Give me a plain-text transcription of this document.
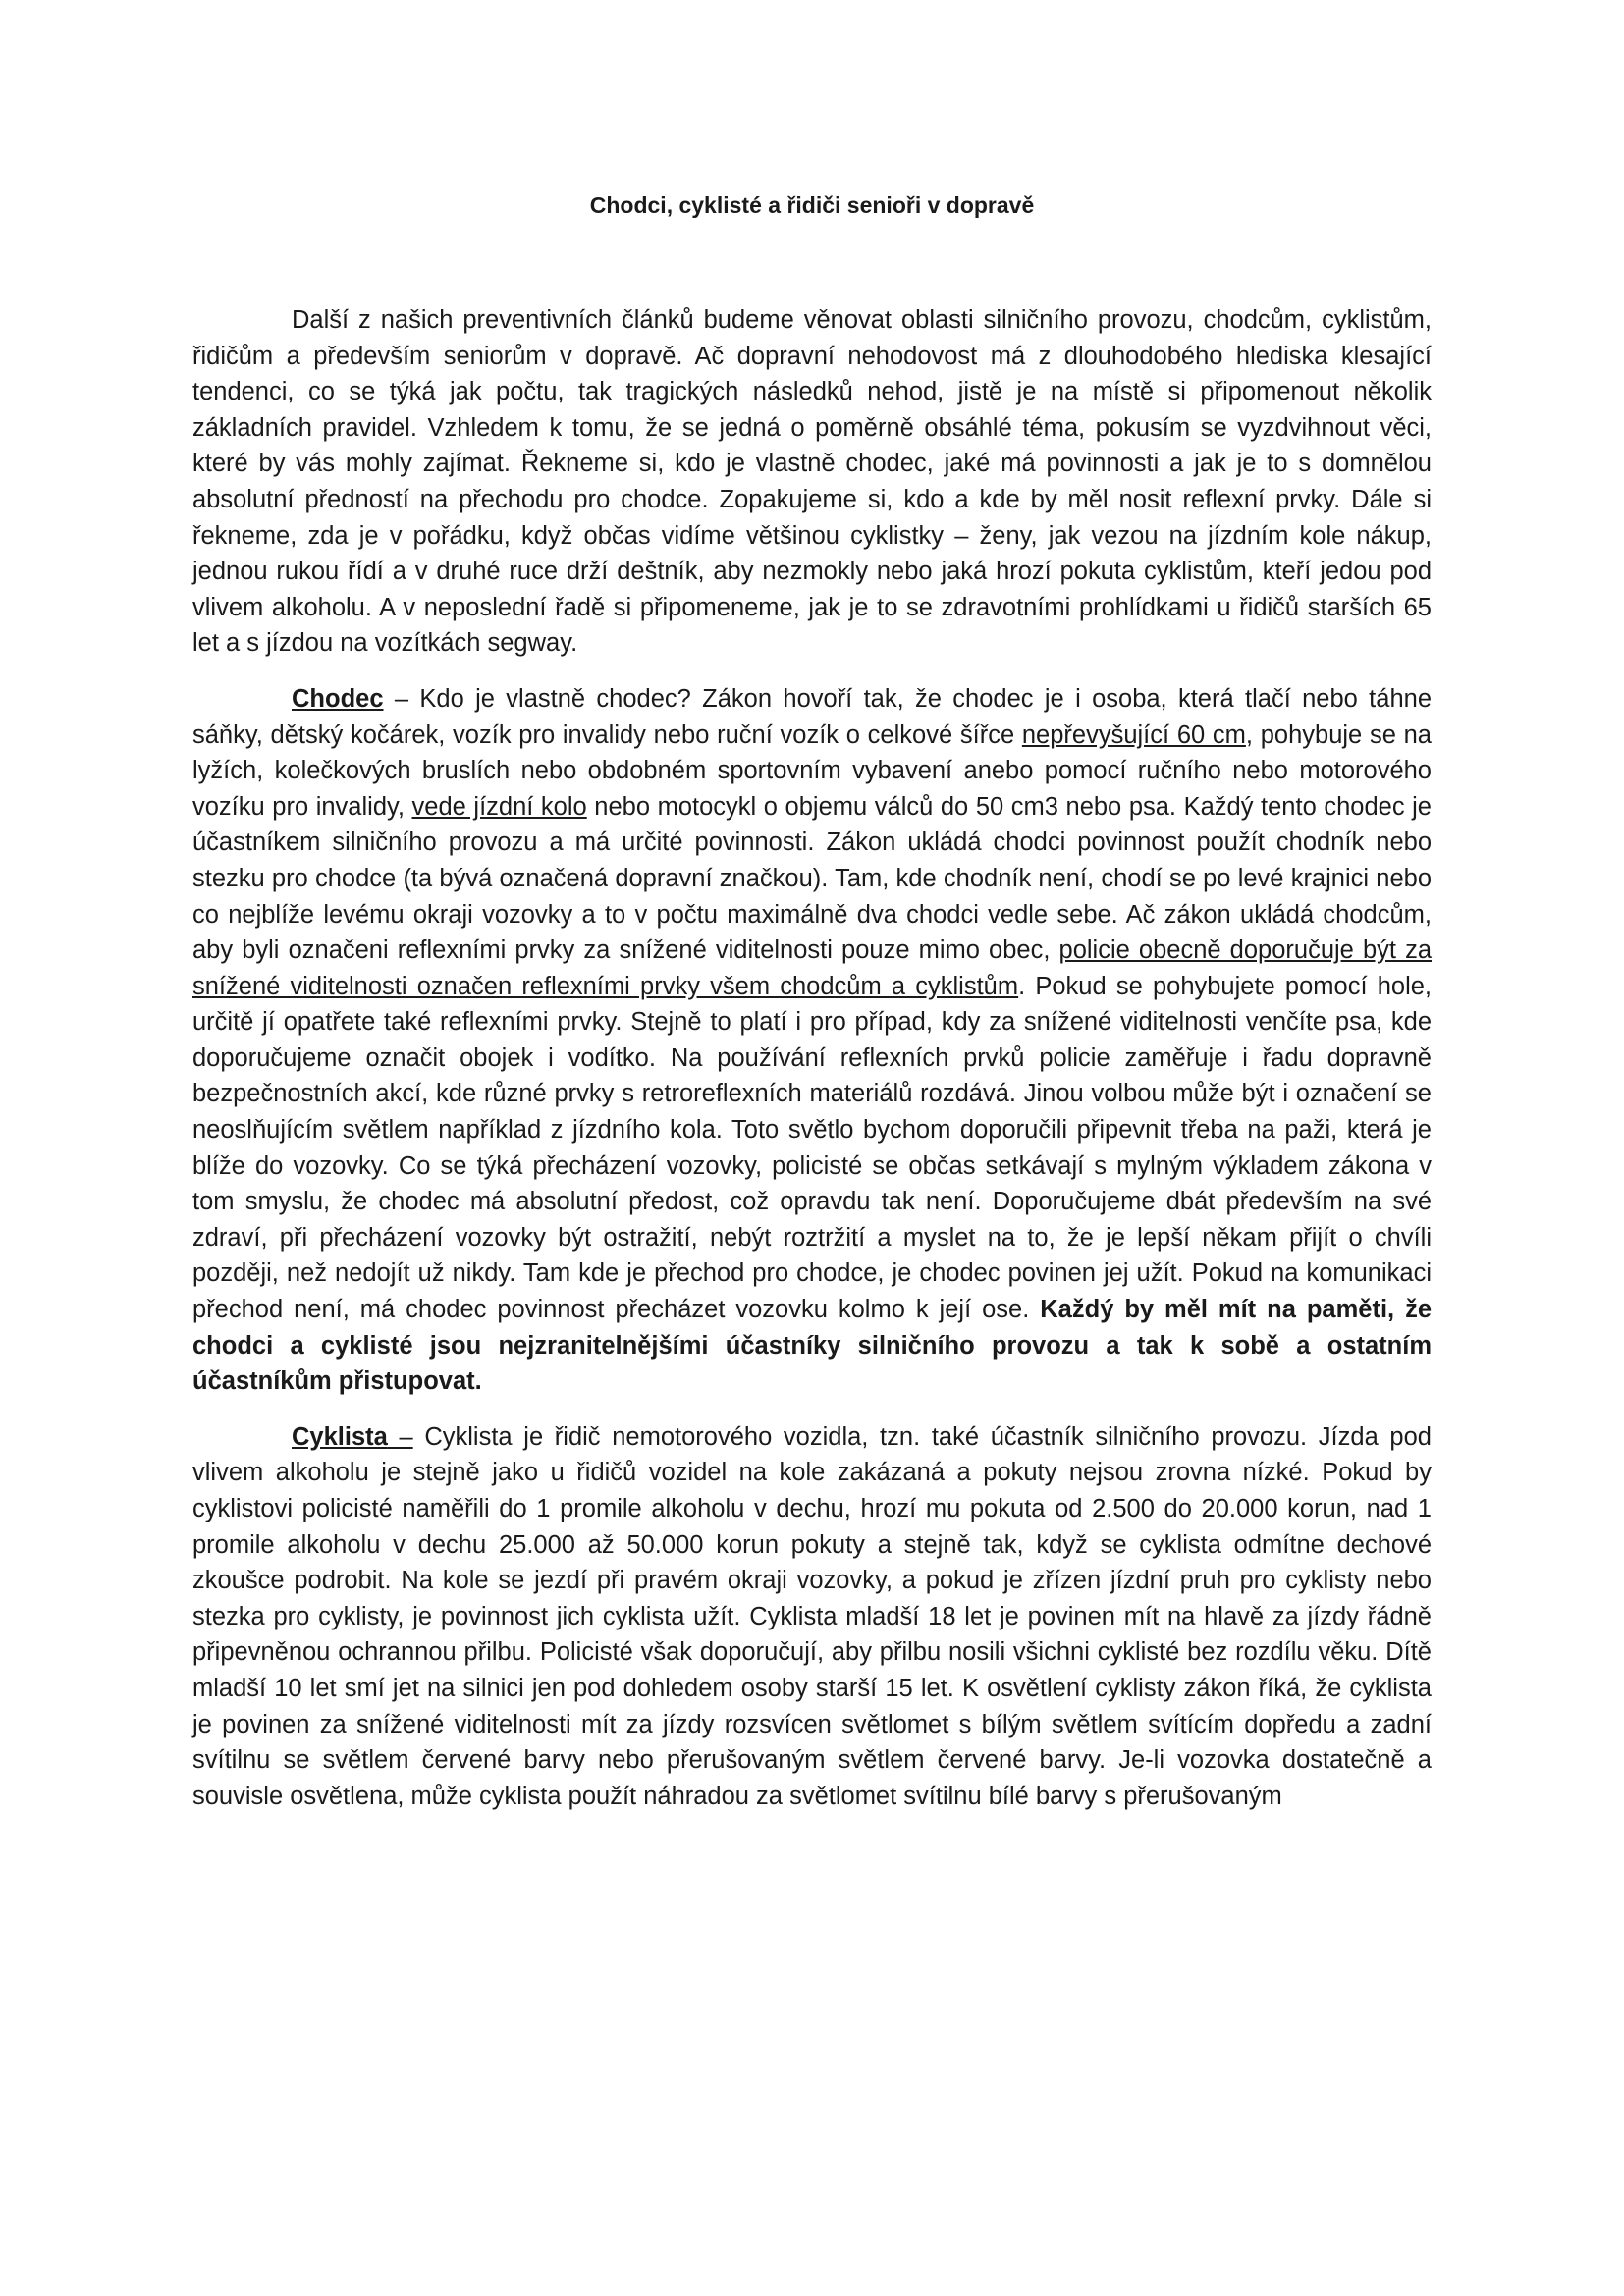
Chodci, cyklisté a řidiči senioři v dopravě

Další z našich preventivních článků budeme věnovat oblasti silničního provozu, chodcům, cyklistům, řidičům a především seniorům v dopravě. Ač dopravní nehodovost má z dlouhodobého hlediska klesající tendenci, co se týká jak počtu, tak tragických následků nehod, jistě je na místě si připomenout několik základních pravidel. Vzhledem k tomu, že se jedná o poměrně obsáhlé téma, pokusím se vyzdvihnout věci, které by vás mohly zajímat. Řekneme si, kdo je vlastně chodec, jaké má povinnosti a jak je to s domnělou absolutní předností na přechodu pro chodce. Zopakujeme si, kdo a kde by měl nosit reflexní prvky. Dále si řekneme, zda je v pořádku, když občas vidíme většinou cyklistky – ženy, jak vezou na jízdním kole nákup, jednou rukou řídí a v druhé ruce drží deštník, aby nezmokly nebo jaká hrozí pokuta cyklistům, kteří jedou pod vlivem alkoholu. A v neposlední řadě si připomeneme, jak je to se zdravotními prohlídkami u řidičů starších 65 let a s jízdou na vozítkách segway.

Chodec – Kdo je vlastně chodec? Zákon hovoří tak, že chodec je i osoba, která tlačí nebo táhne sáňky, dětský kočárek, vozík pro invalidy nebo ruční vozík o celkové šířce nepřevyšující 60 cm, pohybuje se na lyžích, kolečkových bruslích nebo obdobném sportovním vybavení anebo pomocí ručního nebo motorového vozíku pro invalidy, vede jízdní kolo nebo motocykl o objemu válců do 50 cm3 nebo psa. Každý tento chodec je účastníkem silničního provozu a má určité povinnosti. Zákon ukládá chodci povinnost použít chodník nebo stezku pro chodce (ta bývá označená dopravní značkou). Tam, kde chodník není, chodí se po levé krajnici nebo co nejblíže levému okraji vozovky a to v počtu maximálně dva chodci vedle sebe. Ač zákon ukládá chodcům, aby byli označeni reflexními prvky za snížené viditelnosti pouze mimo obec, policie obecně doporučuje být za snížené viditelnosti označen reflexními prvky všem chodcům a cyklistům. Pokud se pohybujete pomocí hole, určitě jí opatřete také reflexními prvky. Stejně to platí i pro případ, kdy za snížené viditelnosti venčíte psa, kde doporučujeme označit obojek i vodítko. Na používání reflexních prvků policie zaměřuje i řadu dopravně bezpečnostních akcí, kde různé prvky s retroreflexních materiálů rozdává. Jinou volbou může být i označení se neoslňujícím světlem například z jízdního kola. Toto světlo bychom doporučili připevnit třeba na paži, která je blíže do vozovky. Co se týká přecházení vozovky, policisté se občas setkávají s mylným výkladem zákona v tom smyslu, že chodec má absolutní předost, což opravdu tak není. Doporučujeme dbát především na své zdraví, při přecházení vozovky být ostražití, nebýt roztržití a myslet na to, že je lepší někam přijít o chvíli později, než nedojít už nikdy. Tam kde je přechod pro chodce, je chodec povinen jej užít. Pokud na komunikaci přechod není, má chodec povinnost přecházet vozovku kolmo k její ose. Každý by měl mít na paměti, že chodci a cyklisté jsou nejzranitelnějšími účastníky silničního provozu a tak k sobě a ostatním účastníkům přistupovat.

Cyklista – Cyklista je řidič nemotorového vozidla, tzn. také účastník silničního provozu. Jízda pod vlivem alkoholu je stejně jako u řidičů vozidel na kole zakázaná a pokuty nejsou zrovna nízké. Pokud by cyklistovi policisté naměřili do 1 promile alkoholu v dechu, hrozí mu pokuta od 2.500 do 20.000 korun, nad 1 promile alkoholu v dechu 25.000 až 50.000 korun pokuty a stejně tak, když se cyklista odmítne dechové zkoušce podrobit. Na kole se jezdí při pravém okraji vozovky, a pokud je zřízen jízdní pruh pro cyklisty nebo stezka pro cyklisty, je povinnost jich cyklista užít. Cyklista mladší 18 let je povinen mít na hlavě za jízdy řádně připevněnou ochrannou přilbu. Policisté však doporučují, aby přilbu nosili všichni cyklisté bez rozdílu věku. Dítě mladší 10 let smí jet na silnici jen pod dohledem osoby starší 15 let. K osvětlení cyklisty zákon říká, že cyklista je povinen za snížené viditelnosti mít za jízdy rozsvícen světlomet s bílým světlem svítícím dopředu a zadní svítilnu se světlem červené barvy nebo přerušovaným světlem červené barvy. Je-li vozovka dostatečně a souvisle osvětlena, může cyklista použít náhradou za světlomet svítilnu bílé barvy s přerušovaným
